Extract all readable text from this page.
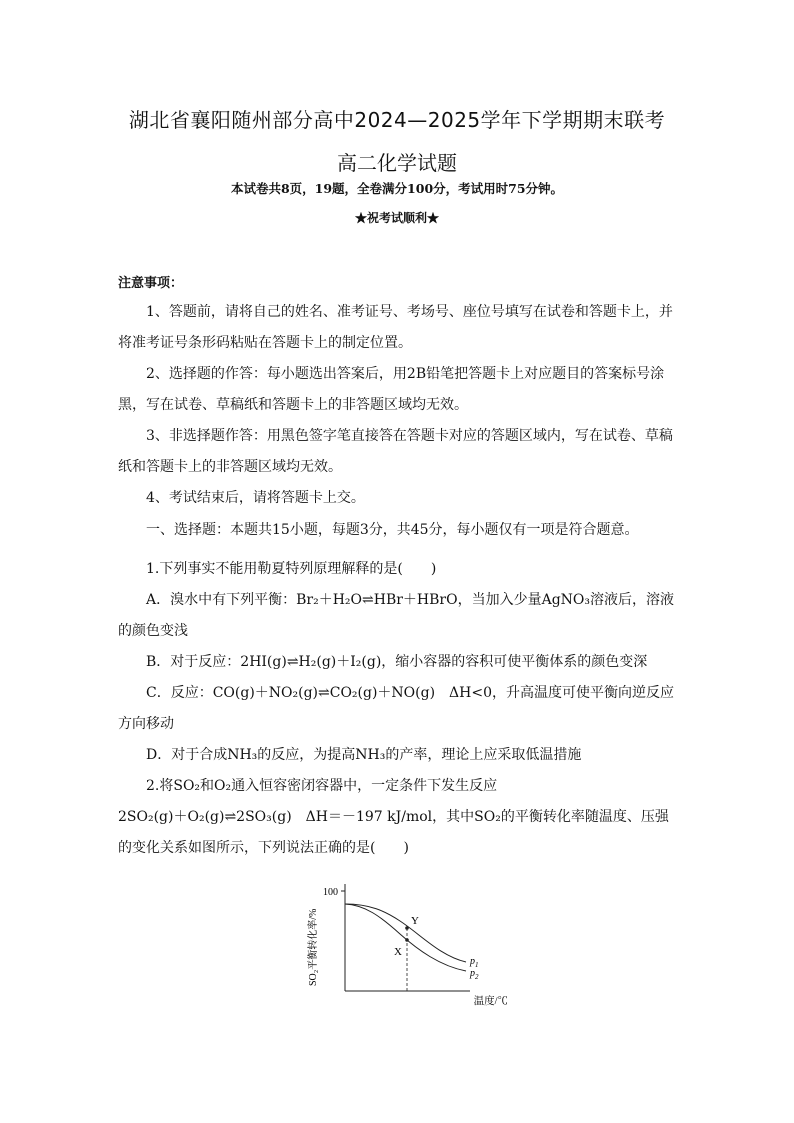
湖北省襄阳随州部分高中2024—2025学年下学期期末联考
高二化学试题
本试卷共8页，19题，全卷满分100分，考试用时75分钟。
★祝考试顺利★
注意事项：
1、答题前，请将自己的姓名、准考证号、考场号、座位号填写在试卷和答题卡上，并将准考证号条形码粘贴在答题卡上的制定位置。
2、选择题的作答：每小题选出答案后，用2B铅笔把答题卡上对应题目的答案标号涂黑，写在试卷、草稿纸和答题卡上的非答题区域均无效。
3、非选择题作答：用黑色签字笔直接答在答题卡对应的答题区域内，写在试卷、草稿纸和答题卡上的非答题区域均无效。
4、考试结束后，请将答题卡上交。
一、选择题：本题共15小题，每题3分，共45分，每小题仅有一项是符合题意。
1.下列事实不能用勒夏特列原理解释的是(　　)
A．溴水中有下列平衡：Br₂＋H₂O⇌HBr＋HBrO，当加入少量AgNO₃溶液后，溶液的颜色变浅
B．对于反应：2HI(g)⇌H₂(g)＋I₂(g)，缩小容器的容积可使平衡体系的颜色变深
C．反应：CO(g)＋NO₂(g)⇌CO₂(g)＋NO(g)　ΔH<0，升高温度可使平衡向逆反应方向移动
D．对于合成NH₃的反应，为提高NH₃的产率，理论上应采取低温措施
2.将SO₂和O₂通入恒容密闭容器中，一定条件下发生反应
2SO₂(g)＋O₂(g)⇌2SO₃(g)　ΔH＝－197 kJ/mol，其中SO₂的平衡转化率随温度、压强的变化关系如图所示，下列说法正确的是(　　)
100
SO₂平衡转化率/%
温度/℃
Y
X
$p_1$
$p_2$
